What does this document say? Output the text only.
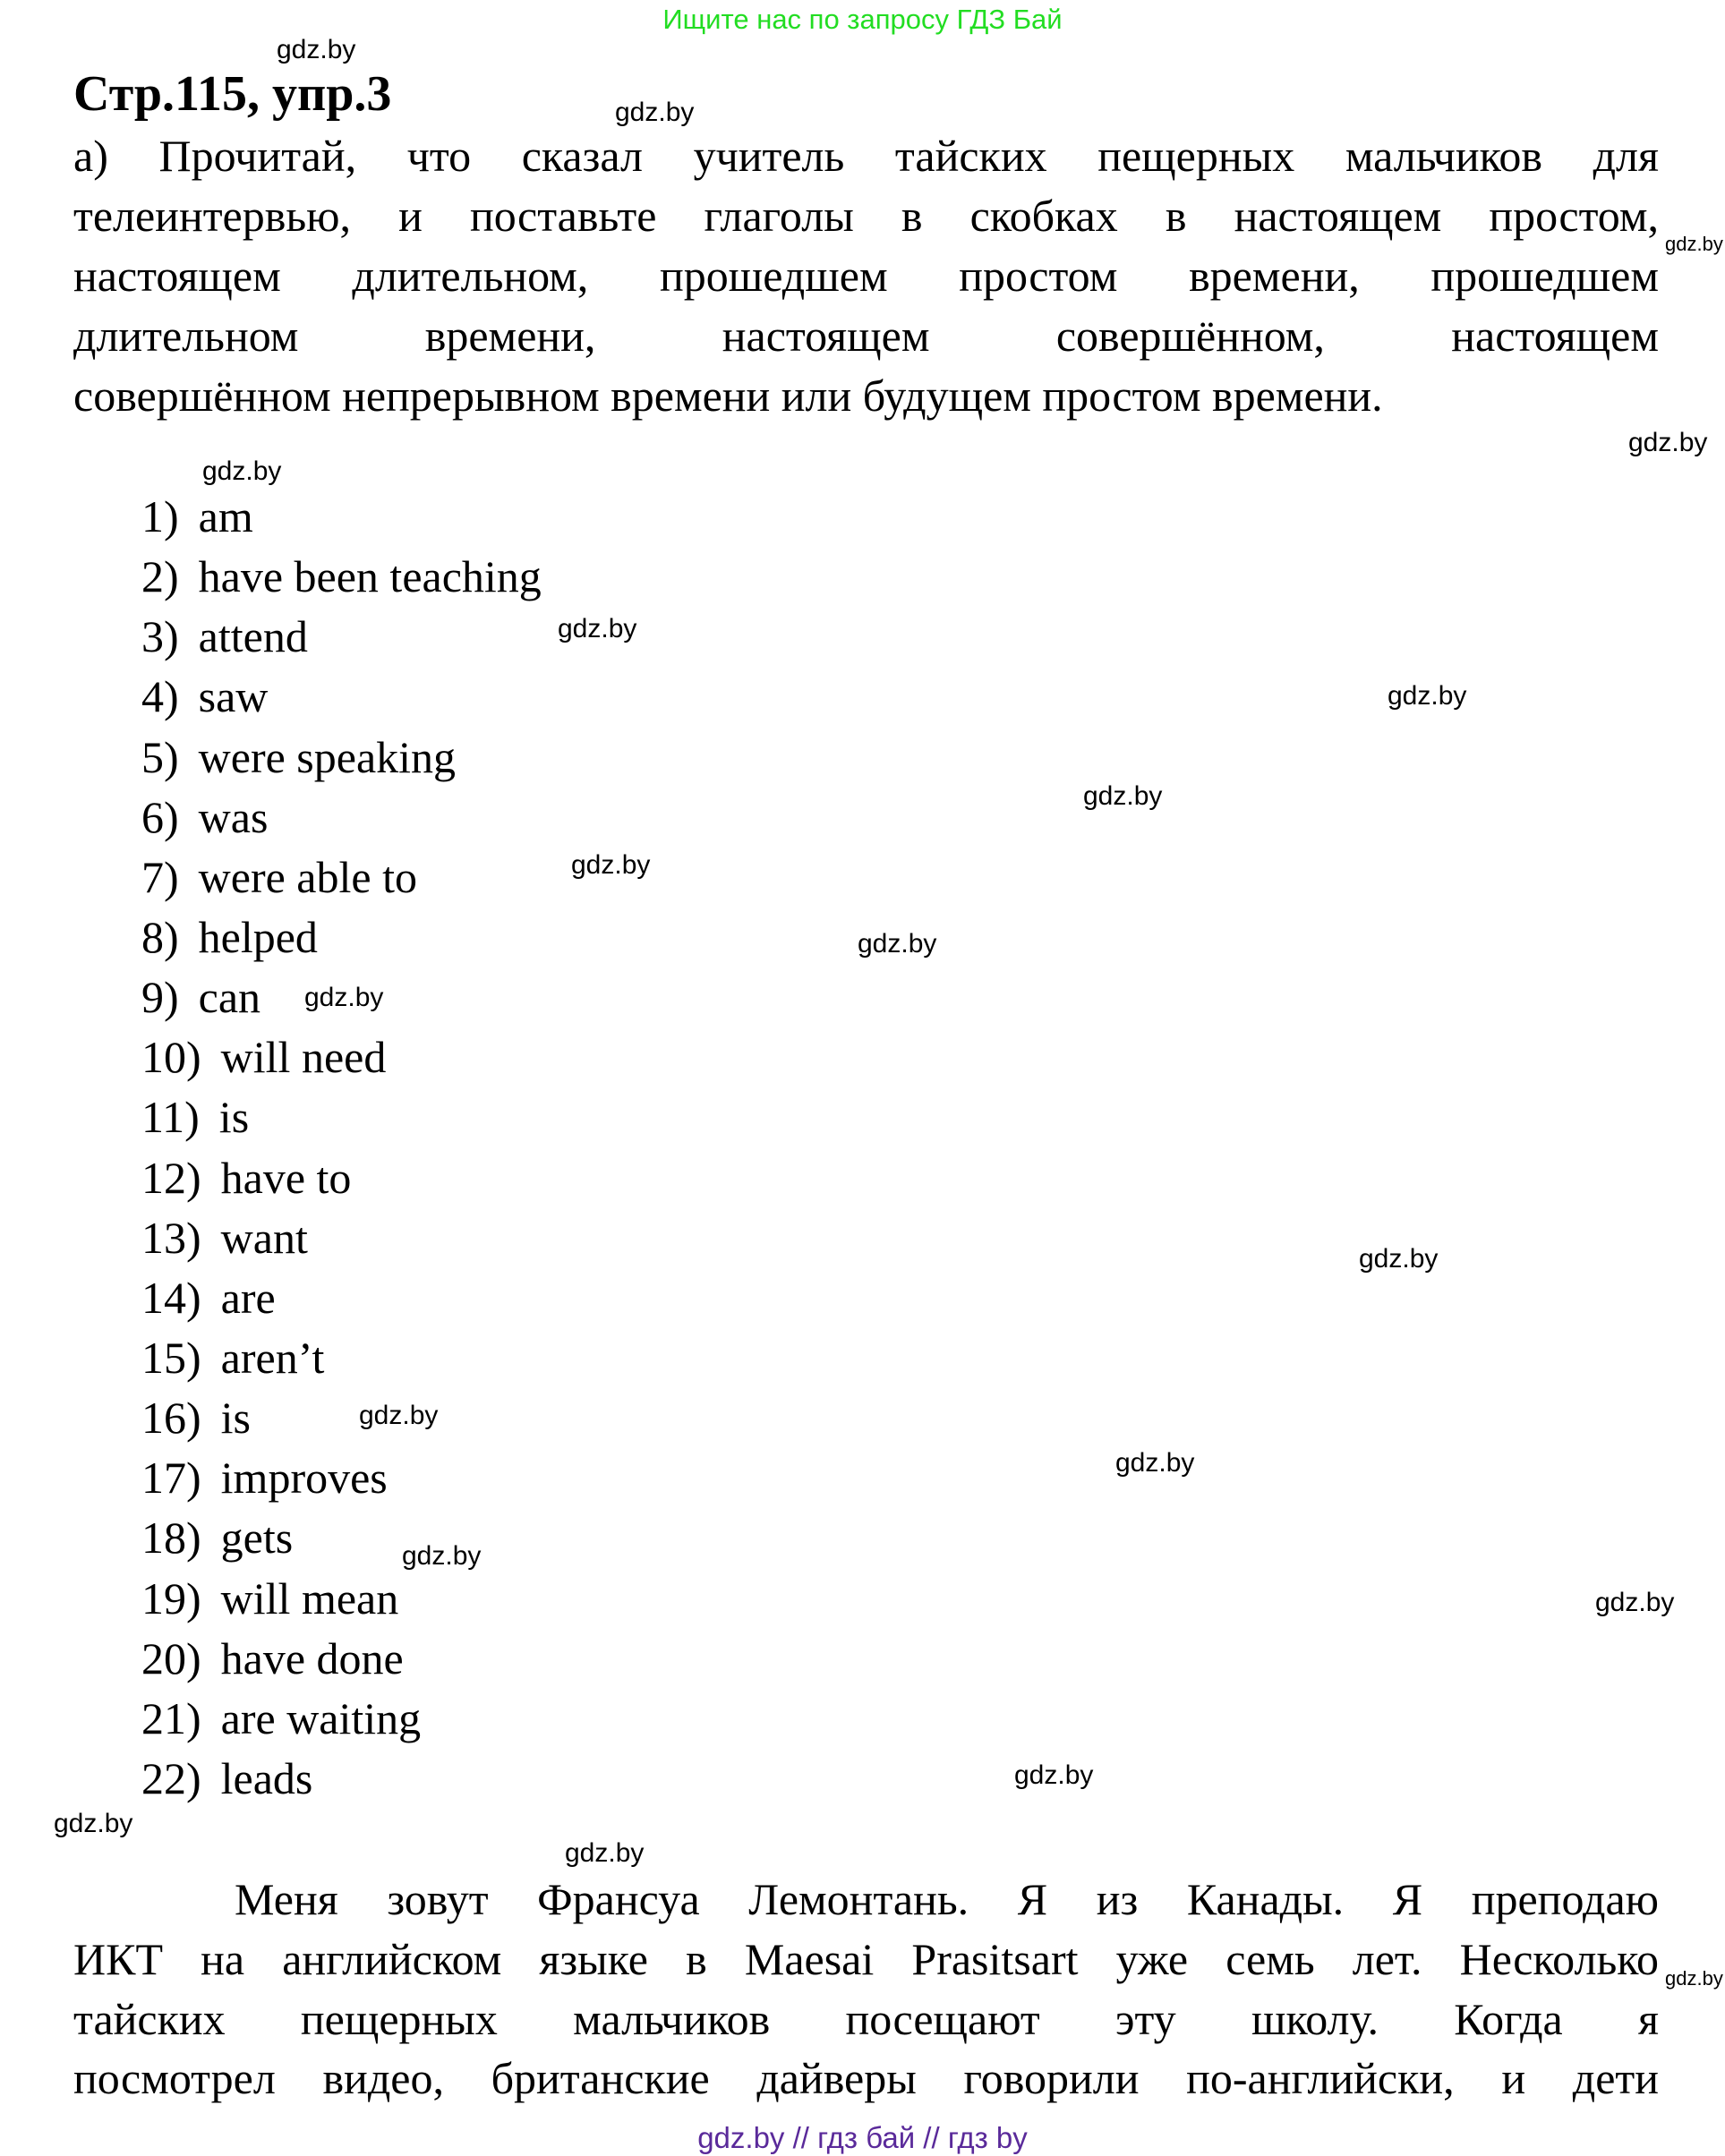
Ищите нас по запросу ГДЗ Бай
Стр.115, упр.3
а) Прочитай, что сказал учитель тайских пещерных мальчиков для
телеинтервью, и поставьте глаголы в скобках в настоящем простом,
настоящем длительном, прошедшем простом времени, прошедшем
длительном времени, настоящем совершённом, настоящем
совершённом непрерывном времени или будущем простом времени.
1) am
2) have been teaching
3) attend
4) saw
5) were speaking
6) was
7) were able to
8) helped
9) can
10) will need
11) is
12) have to
13) want
14) are
15) aren’t
16) is
17) improves
18) gets
19) will mean
20) have done
21) are waiting
22) leads
Меня зовут Франсуа Лемонтань. Я из Канады. Я преподаю
ИКТ на английском языке в Maesai Prasitsart уже семь лет. Несколько
тайских пещерных мальчиков посещают эту школу. Когда я
посмотрел видео, британские дайверы говорили по-английски, и дети
gdz.by
gdz.by
gdz.by
gdz.by
gdz.by
gdz.by
gdz.by
gdz.by
gdz.by
gdz.by
gdz.by
gdz.by
gdz.by
gdz.by
gdz.by
gdz.by
gdz.by
gdz.by
gdz.by
gdz.by
gdz.by // гдз бай // гдз by
